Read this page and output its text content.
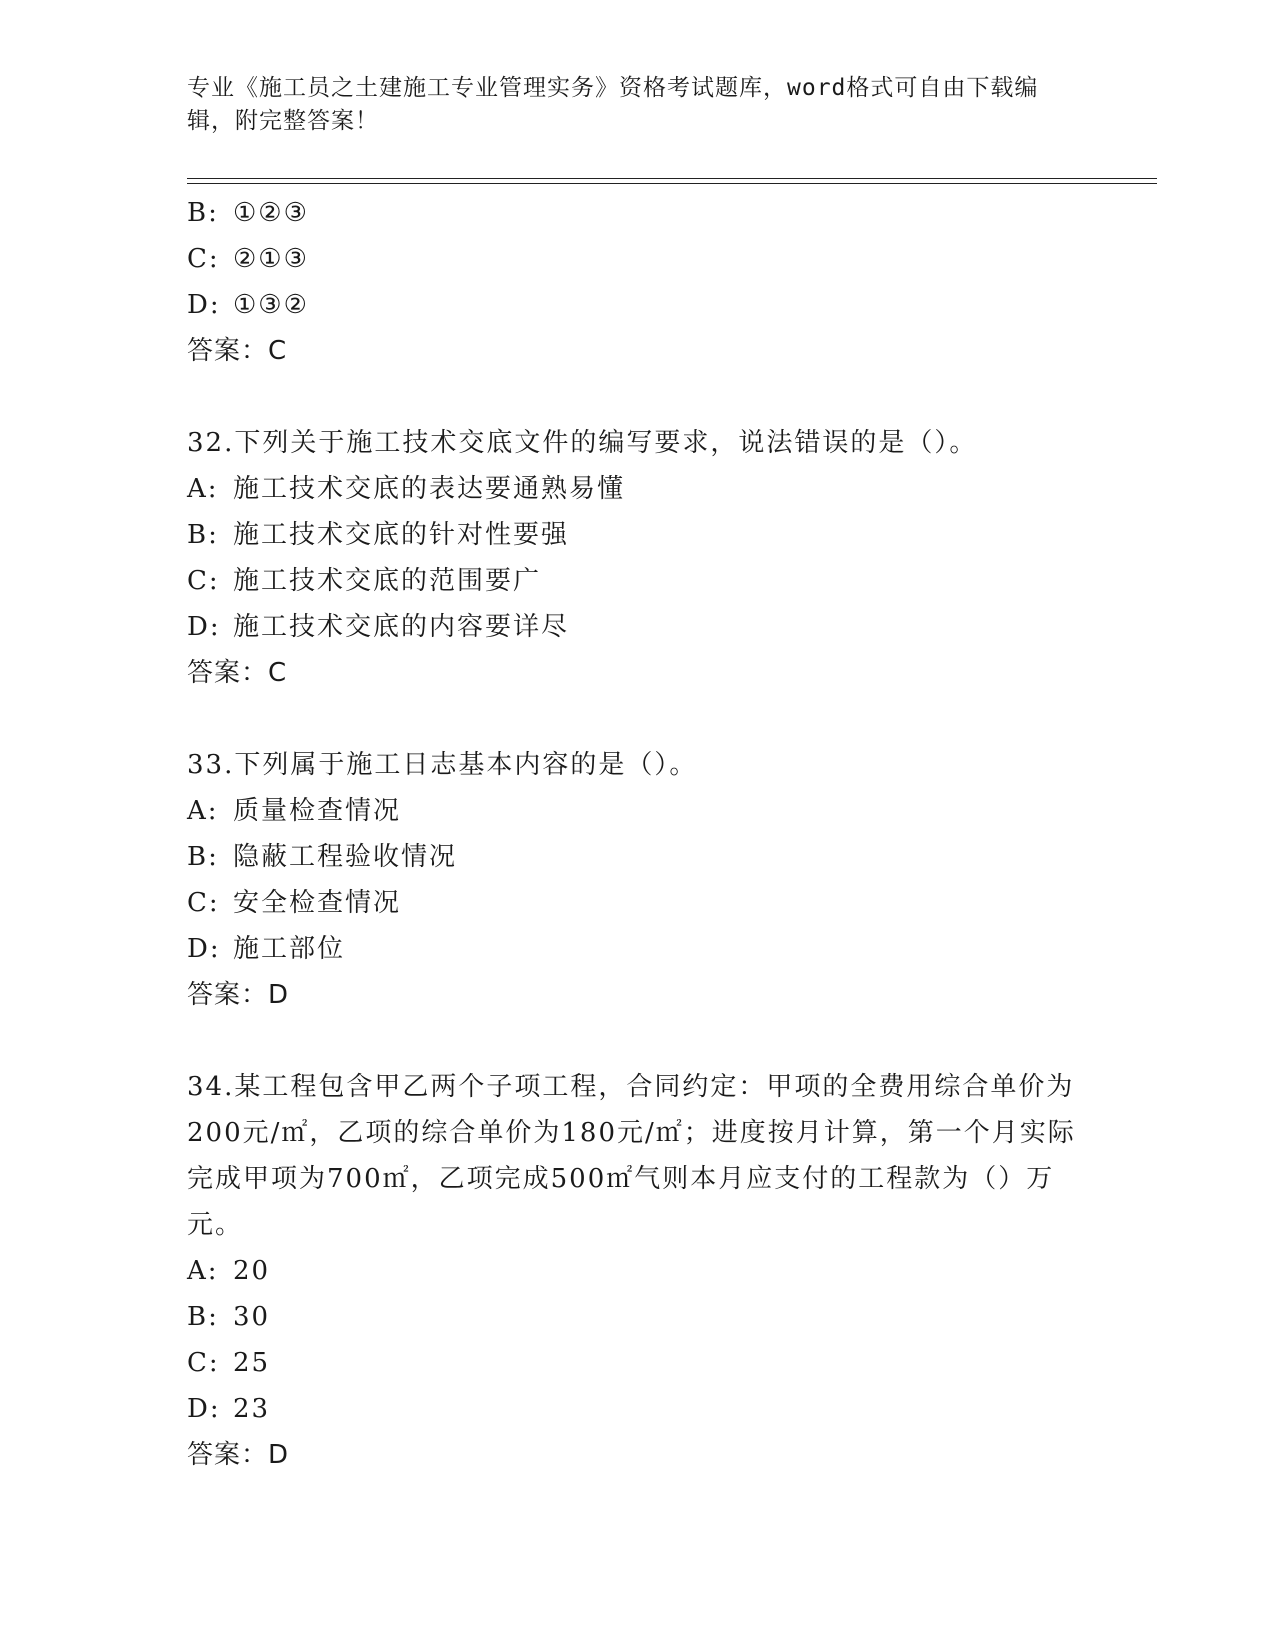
专业《施工员之土建施工专业管理实务》资格考试题库，word格式可自由下载编辑，附完整答案！
B: ①②③
C: ②①③
D: ①③②
答案：C
32.下列关于施工技术交底文件的编写要求，说法错误的是（）。
A: 施工技术交底的表达要通熟易懂
B: 施工技术交底的针对性要强
C: 施工技术交底的范围要广
D: 施工技术交底的内容要详尽
答案：C
33.下列属于施工日志基本内容的是（）。
A: 质量检查情况
B: 隐蔽工程验收情况
C: 安全检查情况
D: 施工部位
答案：D
34.某工程包含甲乙两个子项工程，合同约定：甲项的全费用综合单价为200元/㎡，乙项的综合单价为180元/㎡；进度按月计算，第一个月实际完成甲项为700㎡，乙项完成500㎡气则本月应支付的工程款为（）万元。
A: 20
B: 30
C: 25
D: 23
答案：D
